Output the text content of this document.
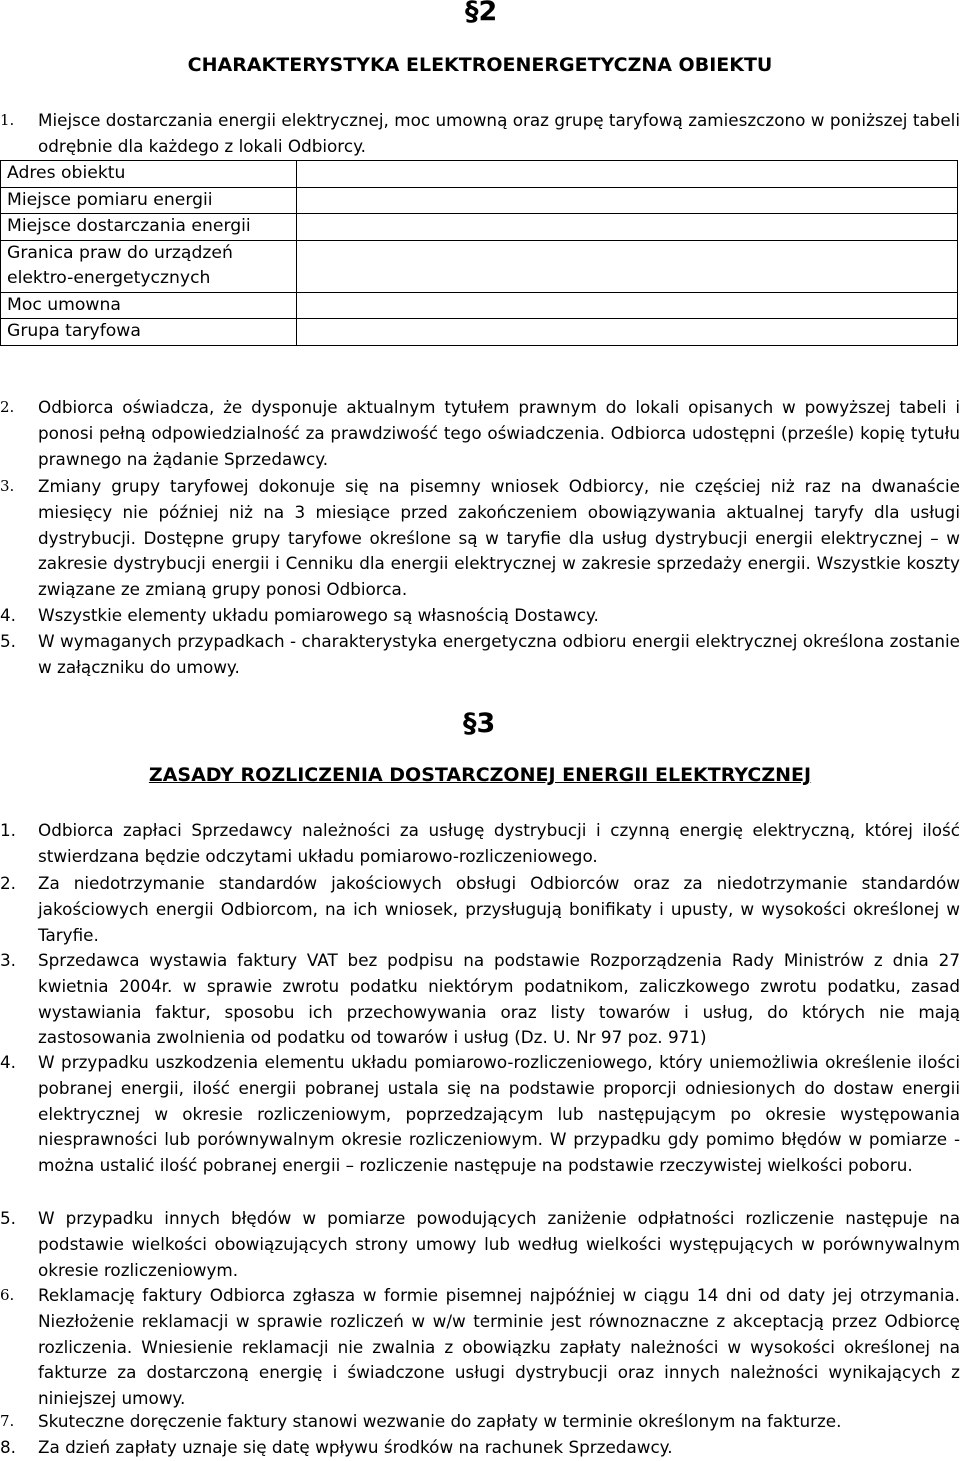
§2
CHARAKTERYSTYKA ELEKTROENERGETYCZNA OBIEKTU
1.	Miejsce dostarczania energii elektrycznej, moc umowną oraz grupę taryfową zamieszczono w poniższej tabeli odrębnie dla każdego z lokali Odbiorcy.
Adres obiektu	
Miejsce pomiaru energii	
Miejsce dostarczania energii	
Granica praw do urządzeń elektro-energetycznych	
Moc umowna	
Grupa taryfowa	
2.	Odbiorca oświadcza, że dysponuje aktualnym tytułem prawnym do lokali opisanych w powyższej tabeli i ponosi pełną odpowiedzialność za prawdziwość tego oświadczenia. Odbiorca udostępni (prześle) kopię tytułu prawnego na żądanie Sprzedawcy.
3.	Zmiany grupy taryfowej dokonuje się na pisemny wniosek Odbiorcy, nie częściej niż raz na dwanaście miesięcy nie później niż na 3 miesiące przed zakończeniem obowiązywania aktualnej taryfy dla usługi dystrybucji. Dostępne grupy taryfowe określone są w taryfie dla usług dystrybucji energii elektrycznej – w zakresie dystrybucji energii i Cenniku dla energii elektrycznej w zakresie sprzedaży energii. Wszystkie koszty związane ze zmianą grupy ponosi Odbiorca.
4.	Wszystkie elementy układu pomiarowego są własnością Dostawcy.
5.	W wymaganych przypadkach - charakterystyka energetyczna odbioru energii elektrycznej określona zostanie w załączniku do umowy.
§3
ZASADY ROZLICZENIA DOSTARCZONEJ ENERGII ELEKTRYCZNEJ
1.	Odbiorca zapłaci Sprzedawcy należności za usługę dystrybucji i czynną energię elektryczną, której ilość stwierdzana będzie odczytami układu pomiarowo-rozliczeniowego.
2.	Za niedotrzymanie standardów jakościowych obsługi Odbiorców oraz za niedotrzymanie standardów jakościowych energii Odbiorcom, na ich wniosek, przysługują bonifikaty i upusty, w wysokości określonej w Taryfie.
3.	Sprzedawca wystawia faktury VAT bez podpisu na podstawie Rozporządzenia Rady Ministrów z dnia 27 kwietnia 2004r. w sprawie zwrotu podatku niektórym podatnikom, zaliczkowego zwrotu podatku, zasad wystawiania faktur, sposobu ich przechowywania oraz listy towarów i usług, do których nie mają zastosowania zwolnienia od podatku od towarów i usług (Dz. U. Nr 97 poz. 971)
4.	W przypadku uszkodzenia elementu układu pomiarowo-rozliczeniowego, który uniemożliwia określenie ilości pobranej energii, ilość energii pobranej ustala się na podstawie proporcji odniesionych do dostaw energii elektrycznej w okresie rozliczeniowym, poprzedzającym lub następującym po okresie występowania niesprawności lub porównywalnym okresie rozliczeniowym. W przypadku gdy pomimo błędów w pomiarze - można ustalić ilość pobranej energii – rozliczenie następuje na podstawie rzeczywistej wielkości poboru.
5.	W przypadku innych błędów w pomiarze powodujących zaniżenie odpłatności rozliczenie następuje na podstawie wielkości obowiązujących strony umowy lub według wielkości występujących w porównywalnym okresie rozliczeniowym.
6.	Reklamację faktury Odbiorca zgłasza w formie pisemnej najpóźniej w ciągu 14 dni od daty jej otrzymania. Niezłożenie reklamacji w sprawie rozliczeń w w/w terminie jest równoznaczne z akceptacją przez Odbiorcę rozliczenia. Wniesienie reklamacji nie zwalnia z obowiązku zapłaty należności w wysokości określonej na fakturze za dostarczoną energię i świadczone usługi dystrybucji oraz innych należności wynikających z niniejszej umowy.
7.	Skuteczne doręczenie faktury stanowi wezwanie do zapłaty w terminie określonym na fakturze.
8.	Za dzień zapłaty uznaje się datę wpływu środków na rachunek Sprzedawcy.
